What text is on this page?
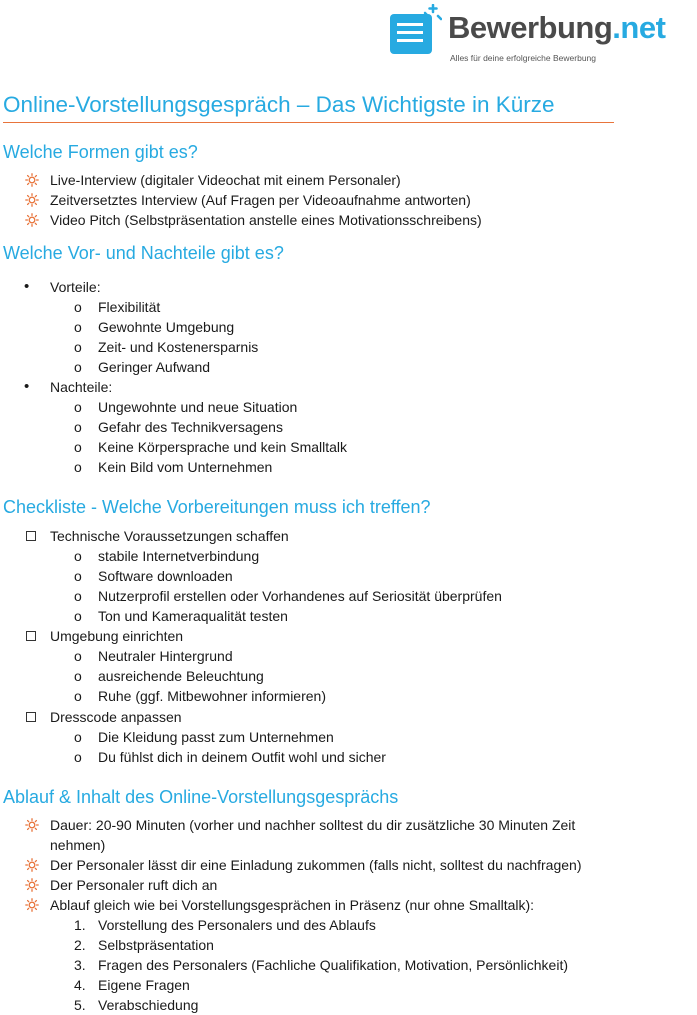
Bewerbung.net
Alles für deine erfolgreiche Bewerbung
Online-Vorstellungsgespräch – Das Wichtigste in Kürze
Welche Formen gibt es?
Live-Interview (digitaler Videochat mit einem Personaler)
Zeitversetztes Interview (Auf Fragen per Videoaufnahme antworten)
Video Pitch (Selbstpräsentation anstelle eines Motivationsschreibens)
Welche Vor- und Nachteile gibt es?
• Vorteile:
o Flexibilität
o Gewohnte Umgebung
o Zeit- und Kostenersparnis
o Geringer Aufwand
• Nachteile:
o Ungewohnte und neue Situation
o Gefahr des Technikversagens
o Keine Körpersprache und kein Smalltalk
o Kein Bild vom Unternehmen
Checkliste - Welche Vorbereitungen muss ich treffen?
Technische Voraussetzungen schaffen
o stabile Internetverbindung
o Software downloaden
o Nutzerprofil erstellen oder Vorhandenes auf Seriosität überprüfen
o Ton und Kameraqualität testen
Umgebung einrichten
o Neutraler Hintergrund
o ausreichende Beleuchtung
o Ruhe (ggf. Mitbewohner informieren)
Dresscode anpassen
o Die Kleidung passt zum Unternehmen
o Du fühlst dich in deinem Outfit wohl und sicher
Ablauf & Inhalt des Online-Vorstellungsgesprächs
Dauer: 20-90 Minuten (vorher und nachher solltest du dir zusätzliche 30 Minuten Zeit
nehmen)
Der Personaler lässt dir eine Einladung zukommen (falls nicht, solltest du nachfragen)
Der Personaler ruft dich an
Ablauf gleich wie bei Vorstellungsgesprächen in Präsenz (nur ohne Smalltalk):
1. Vorstellung des Personalers und des Ablaufs
2. Selbstpräsentation
3. Fragen des Personalers (Fachliche Qualifikation, Motivation, Persönlichkeit)
4. Eigene Fragen
5. Verabschiedung
